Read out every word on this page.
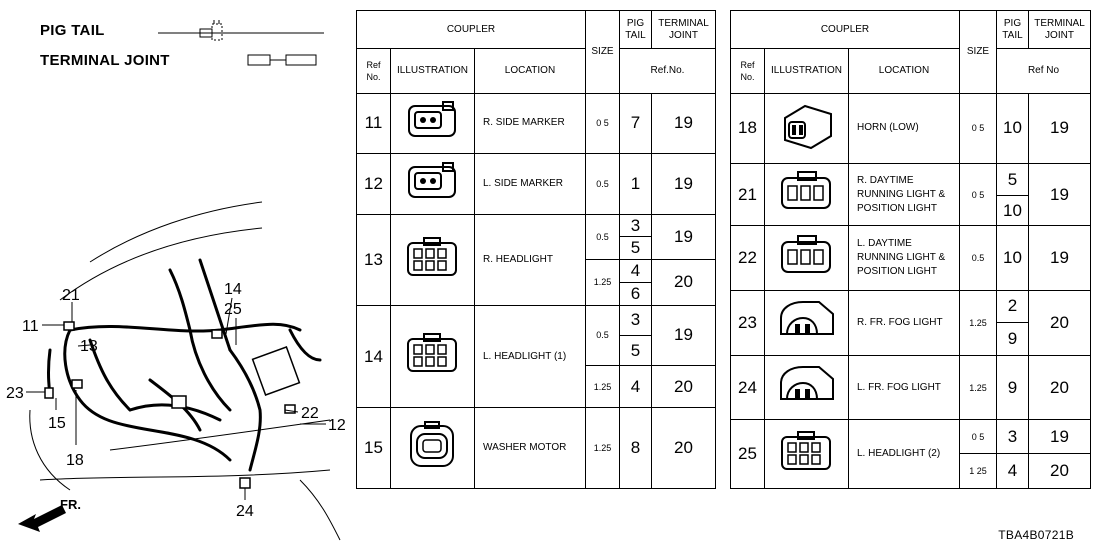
PIG TAIL
TERMINAL JOINT
21
11
13
23
15
18
14
25
22
12
24
FR.
COUPLER			SIZE	PIG
TAIL	TERMINAL
JOINT
Ref
No.	ILLUSTRATION	LOCATION		Ref.No.	
11		R. SIDE MARKER	0 5	7	19
12		L. SIDE MARKER	0.5	1	19
13		R. HEADLIGHT	0.5	3	19
				5	
			1.25	4	20
				6	
14		L. HEADLIGHT (1)	0.5	3	19
				5	
			1.25	4	20
15		WASHER MOTOR	1.25	8	20
COUPLER			SIZE	PIG
TAIL	TERMINAL
JOINT
Ref
No.	ILLUSTRATION	LOCATION		Ref No	
18		HORN (LOW)	0 5	10	19
21		R. DAYTIME
RUNNING LIGHT &
POSITION LIGHT	0 5	5	19
				10	
22		L. DAYTIME
RUNNING LIGHT &
POSITION LIGHT	0.5	10	19
23		R. FR. FOG LIGHT	1.25	2	20
				9	
24		L. FR. FOG LIGHT	1.25	9	20
25		L. HEADLIGHT (2)	0 5	3	19
			1 25	4	20
TBA4B0721B
